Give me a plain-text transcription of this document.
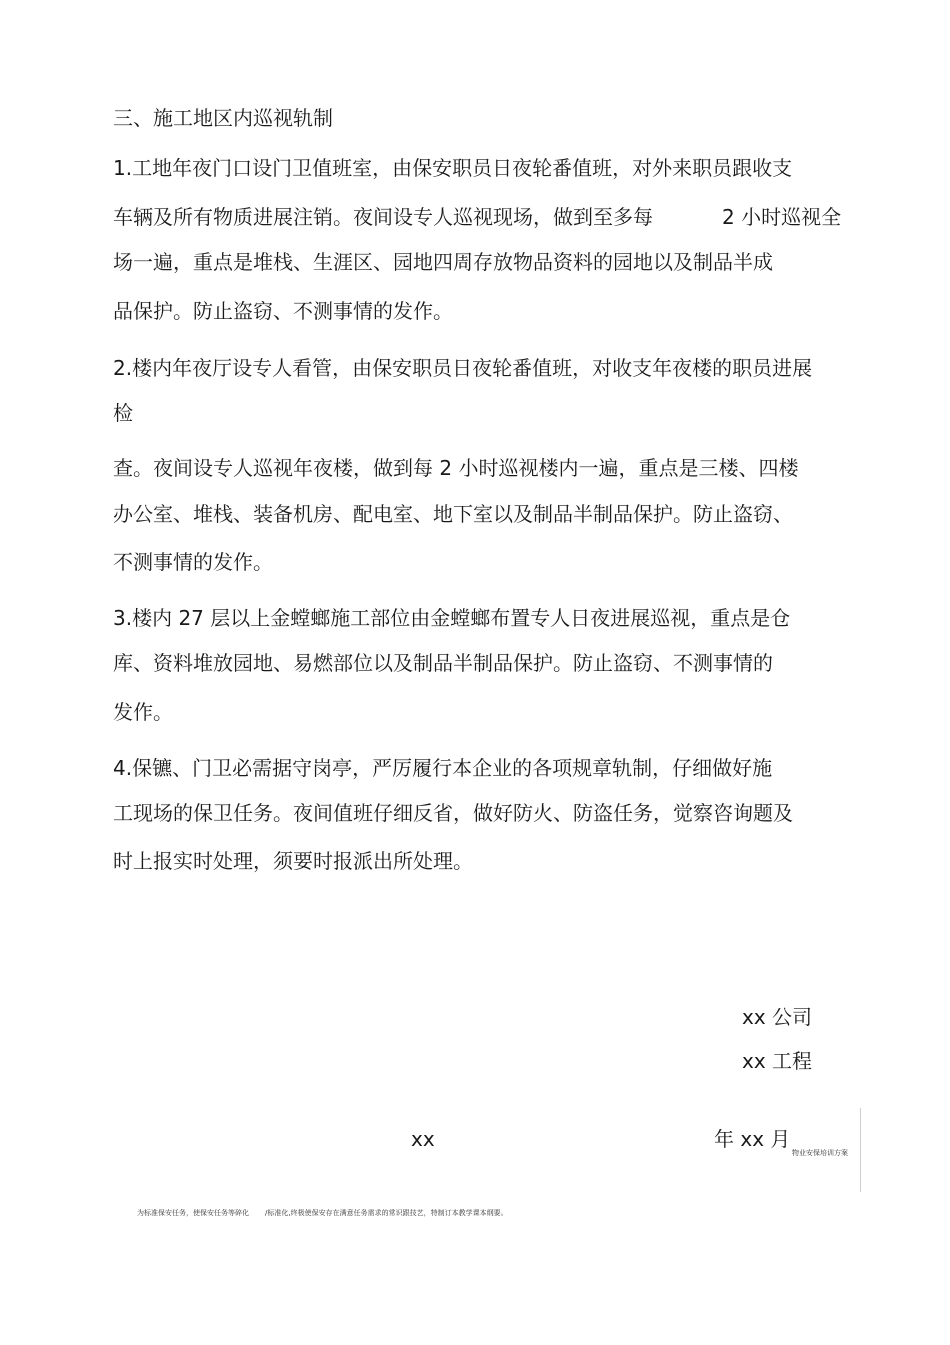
三、施工地区内巡视轨制
1.工地年夜门口设门卫值班室，由保安职员日夜轮番值班，对外来职员跟收支
车辆及所有物质进展注销。夜间设专人巡视现场，做到至多每	2 小时巡视全
场一遍，重点是堆栈、生涯区、园地四周存放物品资料的园地以及制品半成
品保护。防止盗窃、不测事情的发作。
2.楼内年夜厅设专人看管，由保安职员日夜轮番值班，对收支年夜楼的职员进展
检
查。夜间设专人巡视年夜楼，做到每 2 小时巡视楼内一遍，重点是三楼、四楼
办公室、堆栈、装备机房、配电室、地下室以及制品半制品保护。防止盗窃、
不测事情的发作。
3.楼内 27 层以上金螳螂施工部位由金螳螂布置专人日夜进展巡视，重点是仓
库、资料堆放园地、易燃部位以及制品半制品保护。防止盗窃、不测事情的
发作。
4.保镳、门卫必需据守岗亭，严厉履行本企业的各项规章轨制，仔细做好施
工现场的保卫任务。夜间值班仔细反省，做好防火、防盗任务，觉察咨询题及
时上报实时处理，须要时报派出所处理。
xx 公司
xx 工程
xx	年 xx 月
物业安保培训方案
为标准保安任务，使保安任务等碎化 /标准化,终极使保安存在满意任务需求的常识跟技艺，特制订本教学课本纲要。
